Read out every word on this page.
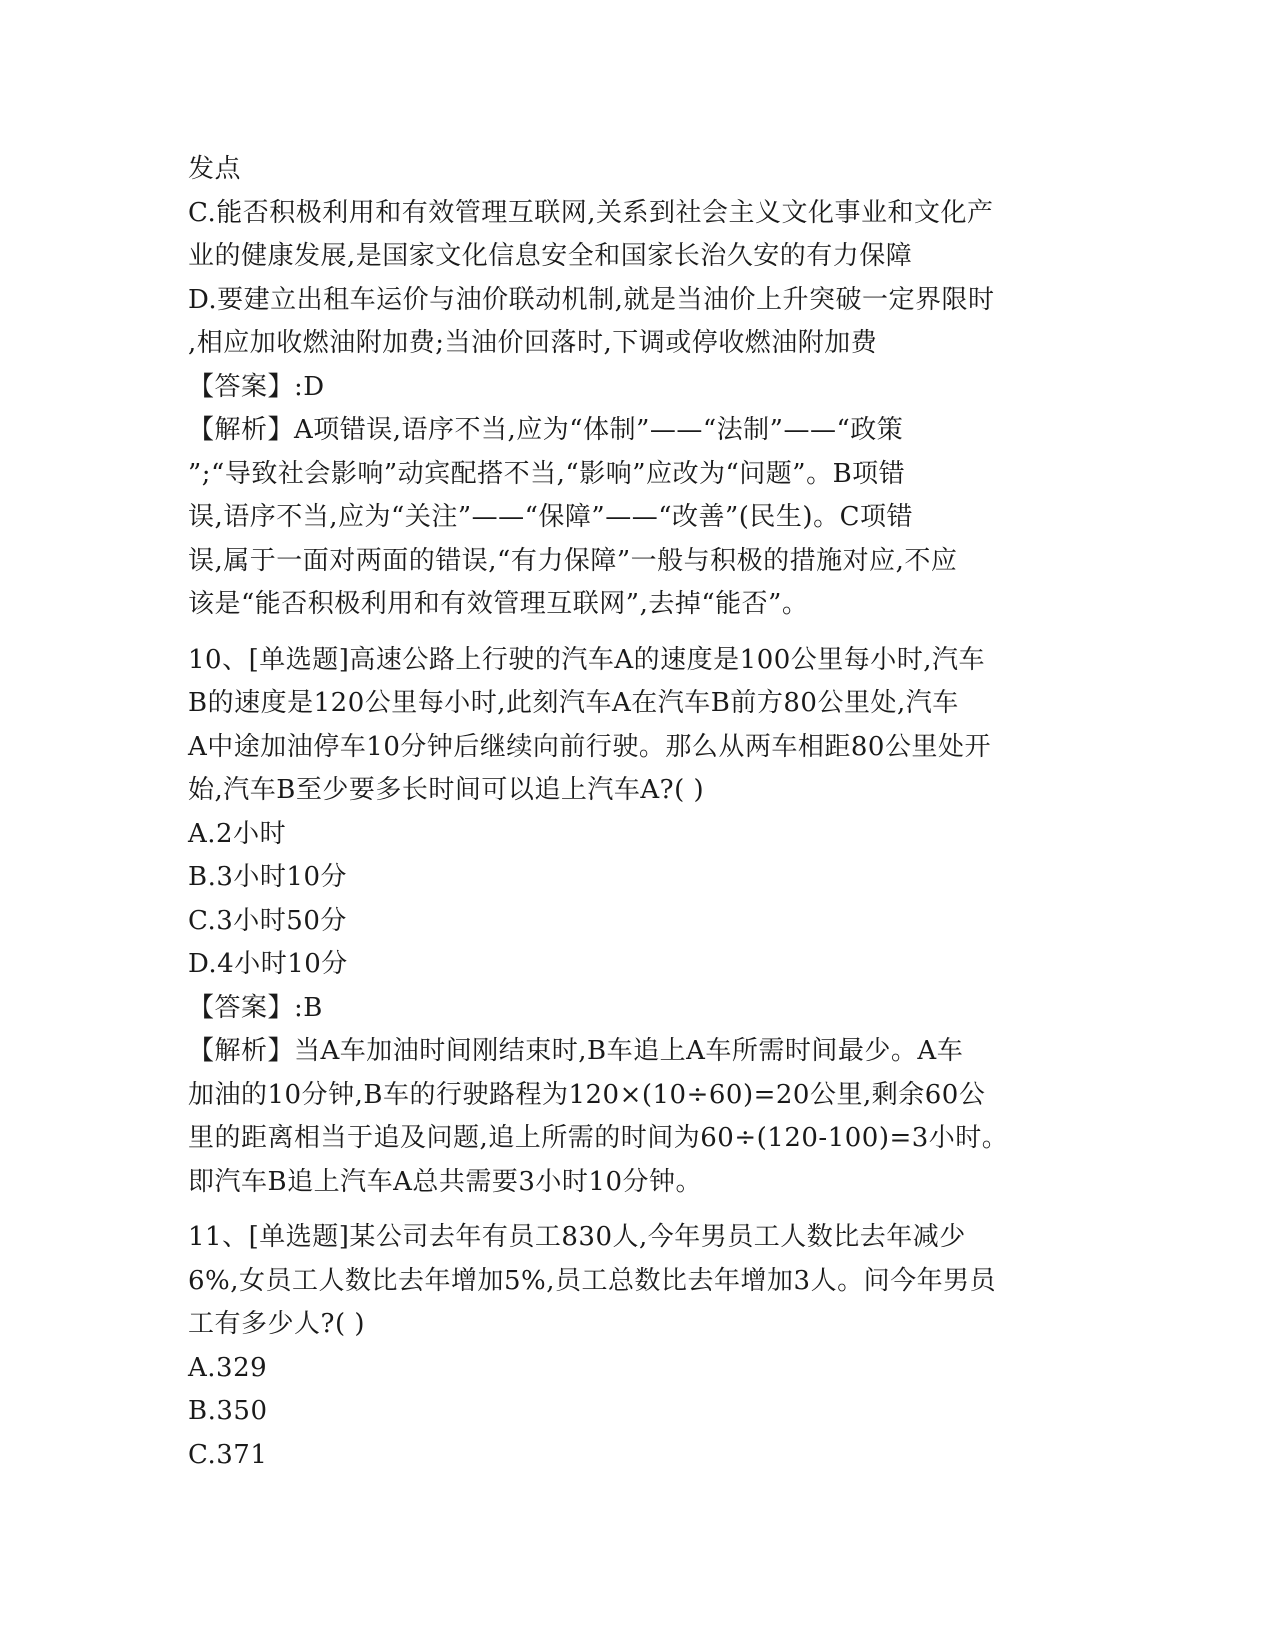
发点
C.能否积极利用和有效管理互联网,关系到社会主义文化事业和文化产
业的健康发展,是国家文化信息安全和国家长治久安的有力保障
D.要建立出租车运价与油价联动机制,就是当油价上升突破一定界限时
,相应加收燃油附加费;当油价回落时,下调或停收燃油附加费
【答案】:D
【解析】A项错误,语序不当,应为“体制”——“法制”——“政策
”;“导致社会影响”动宾配搭不当,“影响”应改为“问题”。B项错
误,语序不当,应为“关注”——“保障”——“改善”(民生)。C项错
误,属于一面对两面的错误,“有力保障”一般与积极的措施对应,不应
该是“能否积极利用和有效管理互联网”,去掉“能否”。
10、[单选题]高速公路上行驶的汽车A的速度是100公里每小时,汽车
B的速度是120公里每小时,此刻汽车A在汽车B前方80公里处,汽车
A中途加油停车10分钟后继续向前行驶。那么从两车相距80公里处开
始,汽车B至少要多长时间可以追上汽车A?( )
A.2小时
B.3小时10分
C.3小时50分
D.4小时10分
【答案】:B
【解析】当A车加油时间刚结束时,B车追上A车所需时间最少。A车
加油的10分钟,B车的行驶路程为120×(10÷60)=20公里,剩余60公
里的距离相当于追及问题,追上所需的时间为60÷(120-100)=3小时。
即汽车B追上汽车A总共需要3小时10分钟。
11、[单选题]某公司去年有员工830人,今年男员工人数比去年减少
6%,女员工人数比去年增加5%,员工总数比去年增加3人。问今年男员
工有多少人?( )
A.329
B.350
C.371
